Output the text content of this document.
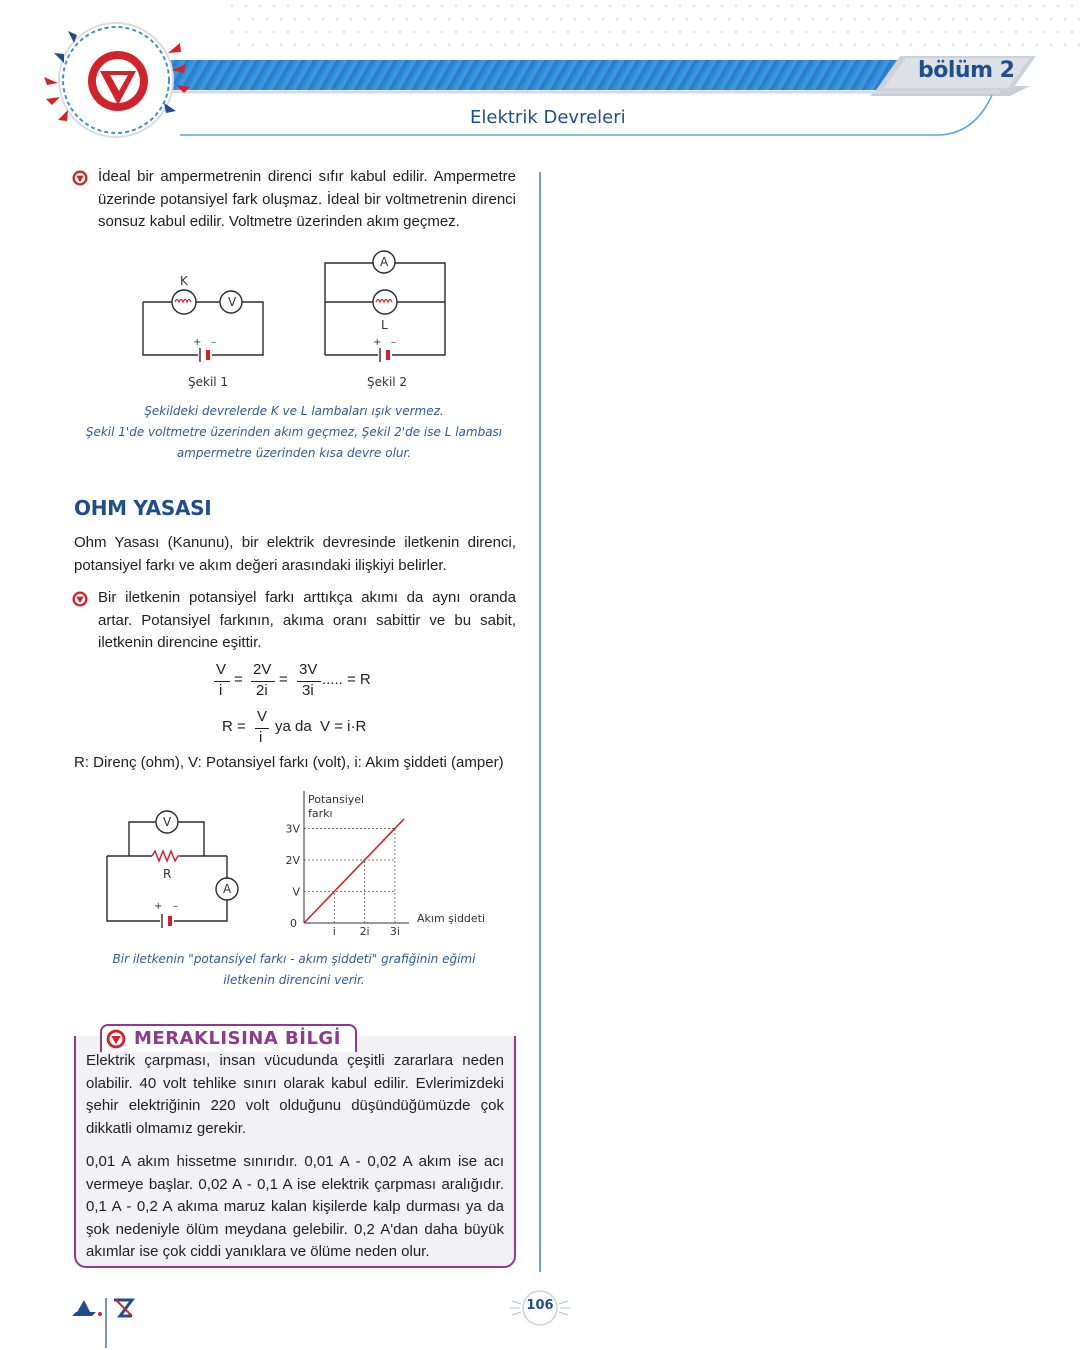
bölüm 2
Elektrik Devreleri

İdeal bir ampermetrenin direnci sıfır kabul edilir. Ampermetre üzerinde potansiyel fark oluşmaz. İdeal bir voltmetrenin direnci sonsuz kabul edilir. Voltmetre üzerinden akım geçmez.

K
V
A
L
+ –	+ –
Şekil 1	Şekil 2
Şekildeki devrelerde K ve L lambaları ışık vermez.
Şekil 1'de voltmetre üzerinden akım geçmez, Şekil 2'de ise L lambası
ampermetre üzerinden kısa devre olur.
OHM YASASI

Ohm Yasası (Kanunu), bir elektrik devresinde iletkenin direnci, potansiyel farkı ve akım değeri arasındaki ilişkiyi belirler.

Bir iletkenin potansiyel farkı arttıkça akımı da aynı oranda artar. Potansiyel farkının, akıma oranı sabittir ve bu sabit, iletkenin direncine eşittir.

V
i
=
2V
2i
=
3V
3i
..... = R
R =
V
i
ya da  V = i·R

R: Direnç (ohm), V: Potansiyel farkı (volt), i: Akım şiddeti (amper)

V
R
A
+ –
i 2i 3i
V
2V
3V
0
Potansiyel
farkı
Akım şiddeti
Bir iletkenin "potansiyel farkı - akım şiddeti" grafiğinin eğimi
iletkenin direncini verir.

Elektrik çarpması, insan vücudunda çeşitli zararlara neden olabilir. 40 volt tehlike sınırı olarak kabul edilir. Evlerimizdeki şehir elektriğinin 220 volt olduğunu düşündüğümüzde çok dikkatli olmamız gerekir.

0,01 A akım hissetme sınırıdır. 0,01 A - 0,02 A akım ise acı vermeye başlar. 0,02 A - 0,1 A ise elektrik çarpması aralığıdır. 0,1 A - 0,2 A akıma maruz kalan kişilerde kalp durması ya da şok nedeniyle ölüm meydana gelebilir. 0,2 A'dan daha büyük akımlar ise çok ciddi yanıklara ve ölüme neden olur.

MERAKLISINA BİLGİ
106
